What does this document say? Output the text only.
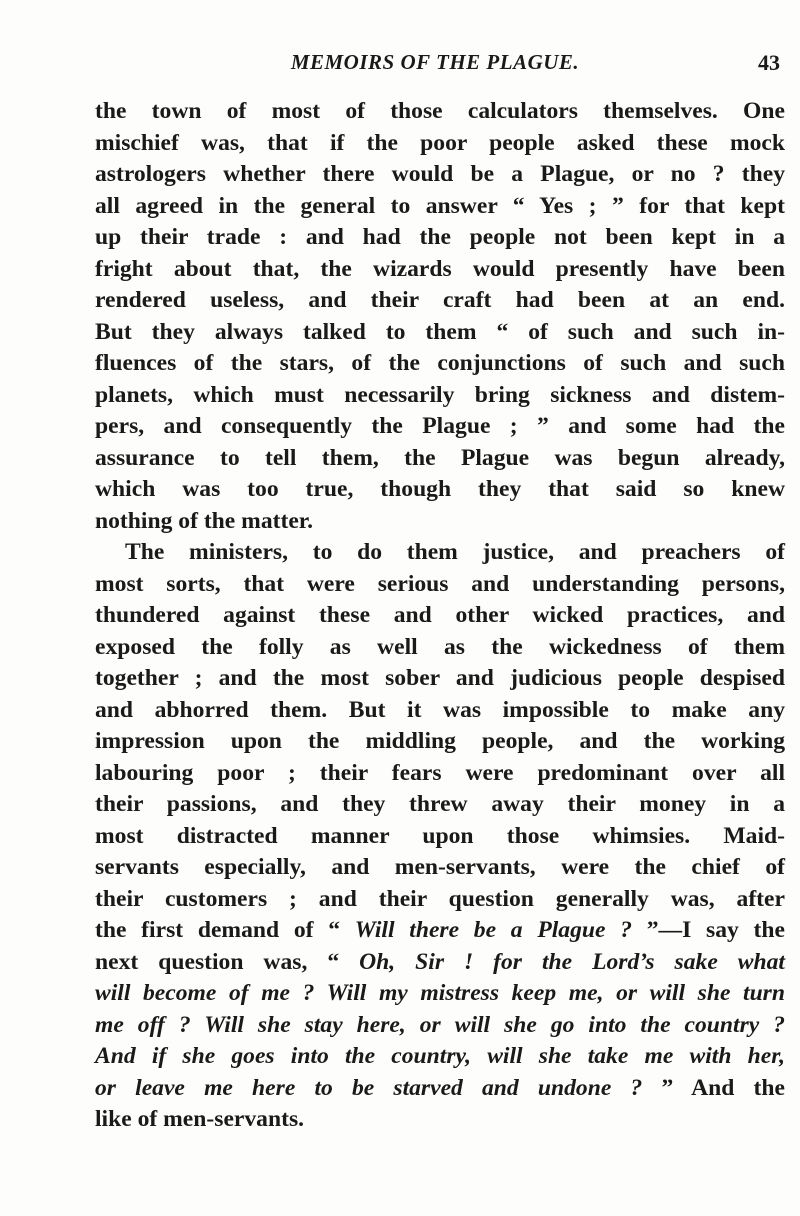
MEMOIRS OF THE PLAGUE.	43

the town of most of those calculators themselves. One
mischief was, that if the poor people asked these mock
astrologers whether there would be a Plague, or no ? they
all agreed in the general to answer “ Yes ; ” for that kept
up their trade : and had the people not been kept in a
fright about that, the wizards would presently have been
rendered useless, and their craft had been at an end.
But they always talked to them “ of such and such in-
fluences of the stars, of the conjunctions of such and such
planets, which must necessarily bring sickness and distem-
pers, and consequently the Plague ; ” and some had the
assurance to tell them, the Plague was begun already,
which was too true, though they that said so knew
nothing of the matter.

The ministers, to do them justice, and preachers of
most sorts, that were serious and understanding persons,
thundered against these and other wicked practices, and
exposed the folly as well as the wickedness of them
together ; and the most sober and judicious people despised
and abhorred them. But it was impossible to make any
impression upon the middling people, and the working
labouring poor ; their fears were predominant over all
their passions, and they threw away their money in a
most distracted manner upon those whimsies. Maid-
servants especially, and men-servants, were the chief of
their customers ; and their question generally was, after
the first demand of “ Will there be a Plague ? ”—I say the
next question was, “ Oh, Sir ! for the Lord’s sake what
will become of me ? Will my mistress keep me, or will she turn
me off ? Will she stay here, or will she go into the country ?
And if she goes into the country, will she take me with her,
or leave me here to be starved and undone ? ” And the
like of men-servants.
